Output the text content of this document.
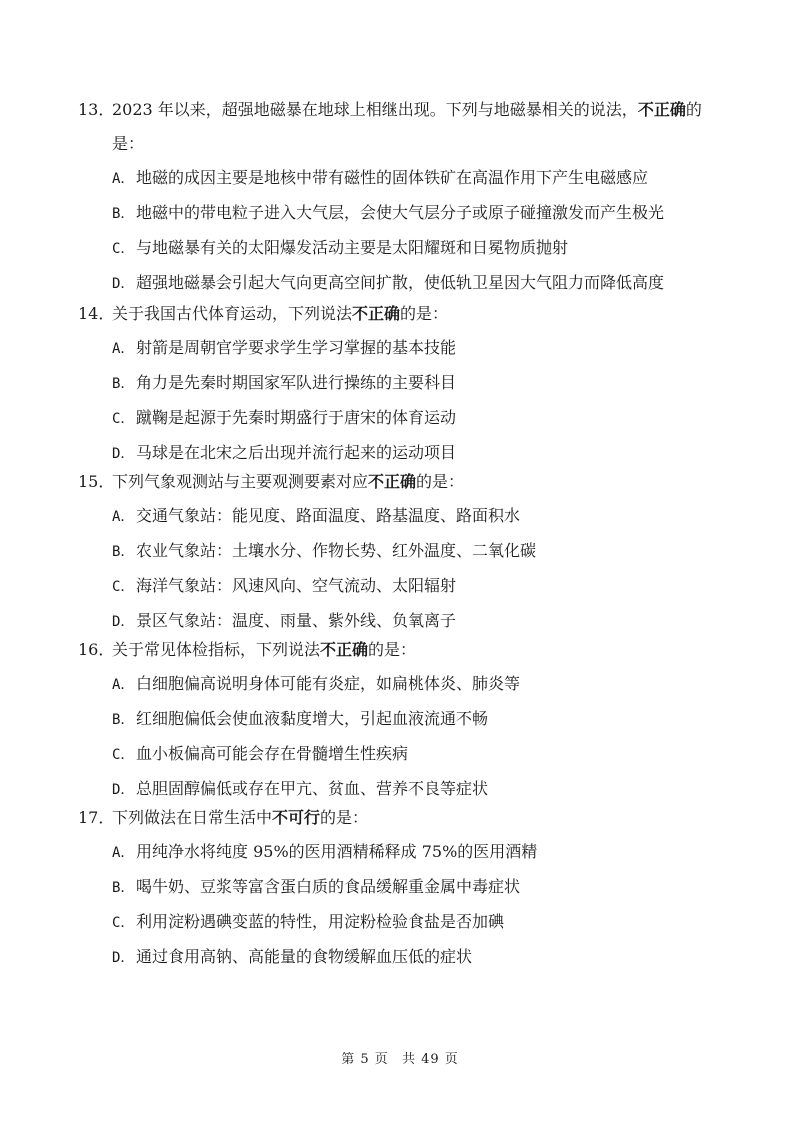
13．2023 年以来，超强地磁暴在地球上相继出现。下列与地磁暴相关的说法，不正确的
是：
A．地磁的成因主要是地核中带有磁性的固体铁矿在高温作用下产生电磁感应
B．地磁中的带电粒子进入大气层，会使大气层分子或原子碰撞激发而产生极光
C．与地磁暴有关的太阳爆发活动主要是太阳耀斑和日冕物质抛射
D．超强地磁暴会引起大气向更高空间扩散，使低轨卫星因大气阻力而降低高度
14．关于我国古代体育运动，下列说法不正确的是：
A．射箭是周朝官学要求学生学习掌握的基本技能
B．角力是先秦时期国家军队进行操练的主要科目
C．蹴鞠是起源于先秦时期盛行于唐宋的体育运动
D．马球是在北宋之后出现并流行起来的运动项目
15．下列气象观测站与主要观测要素对应不正确的是：
A．交通气象站：能见度、路面温度、路基温度、路面积水
B．农业气象站：土壤水分、作物长势、红外温度、二氧化碳
C．海洋气象站：风速风向、空气流动、太阳辐射
D．景区气象站：温度、雨量、紫外线、负氧离子
16．关于常见体检指标，下列说法不正确的是：
A．白细胞偏高说明身体可能有炎症，如扁桃体炎、肺炎等
B．红细胞偏低会使血液黏度增大，引起血液流通不畅
C．血小板偏高可能会存在骨髓增生性疾病
D．总胆固醇偏低或存在甲亢、贫血、营养不良等症状
17．下列做法在日常生活中不可行的是：
A．用纯净水将纯度 95%的医用酒精稀释成 75%的医用酒精
B．喝牛奶、豆浆等富含蛋白质的食品缓解重金属中毒症状
C．利用淀粉遇碘变蓝的特性，用淀粉检验食盐是否加碘
D．通过食用高钠、高能量的食物缓解血压低的症状
第 5 页 共 49 页
